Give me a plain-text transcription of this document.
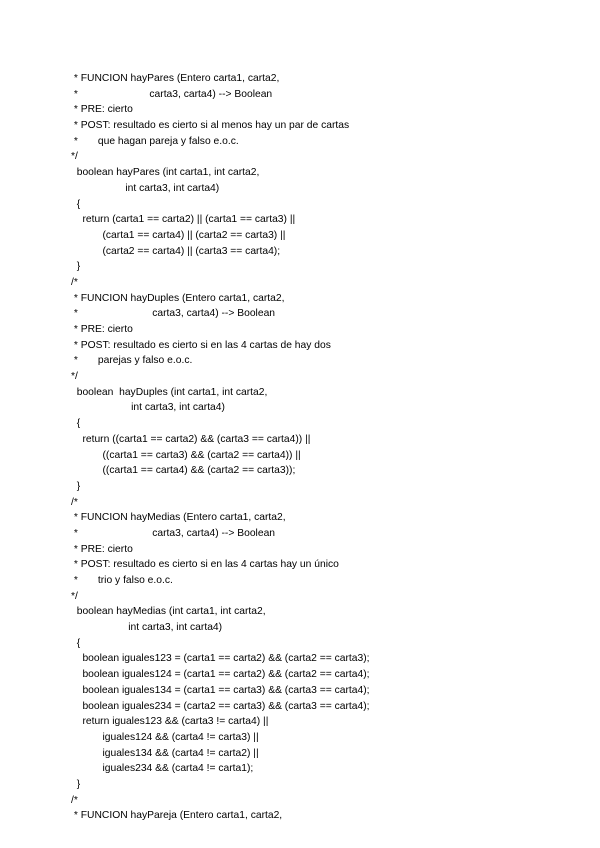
* FUNCION hayPares (Entero carta1, carta2,
*                         carta3, carta4) --> Boolean
* PRE: cierto
* POST: resultado es cierto si al menos hay un par de cartas
*       que hagan pareja y falso e.o.c.
*/
boolean hayPares (int carta1, int carta2,
int carta3, int carta4)
{
return (carta1 == carta2) || (carta1 == carta3) ||
(carta1 == carta4) || (carta2 == carta3) ||
(carta2 == carta4) || (carta3 == carta4);
}
/*
* FUNCION hayDuples (Entero carta1, carta2,
*                          carta3, carta4) --> Boolean
* PRE: cierto
* POST: resultado es cierto si en las 4 cartas de hay dos
*       parejas y falso e.o.c.
*/
boolean  hayDuples (int carta1, int carta2,
int carta3, int carta4)
{
return ((carta1 == carta2) && (carta3 == carta4)) ||
((carta1 == carta3) && (carta2 == carta4)) ||
((carta1 == carta4) && (carta2 == carta3));
}
/*
* FUNCION hayMedias (Entero carta1, carta2,
*                          carta3, carta4) --> Boolean
* PRE: cierto
* POST: resultado es cierto si en las 4 cartas hay un único
*       trio y falso e.o.c.
*/
boolean hayMedias (int carta1, int carta2,
int carta3, int carta4)
{
boolean iguales123 = (carta1 == carta2) && (carta2 == carta3);
boolean iguales124 = (carta1 == carta2) && (carta2 == carta4);
boolean iguales134 = (carta1 == carta3) && (carta3 == carta4);
boolean iguales234 = (carta2 == carta3) && (carta3 == carta4);
return iguales123 && (carta3 != carta4) ||
iguales124 && (carta4 != carta3) ||
iguales134 && (carta4 != carta2) ||
iguales234 && (carta4 != carta1);
}
/*
* FUNCION hayPareja (Entero carta1, carta2,
